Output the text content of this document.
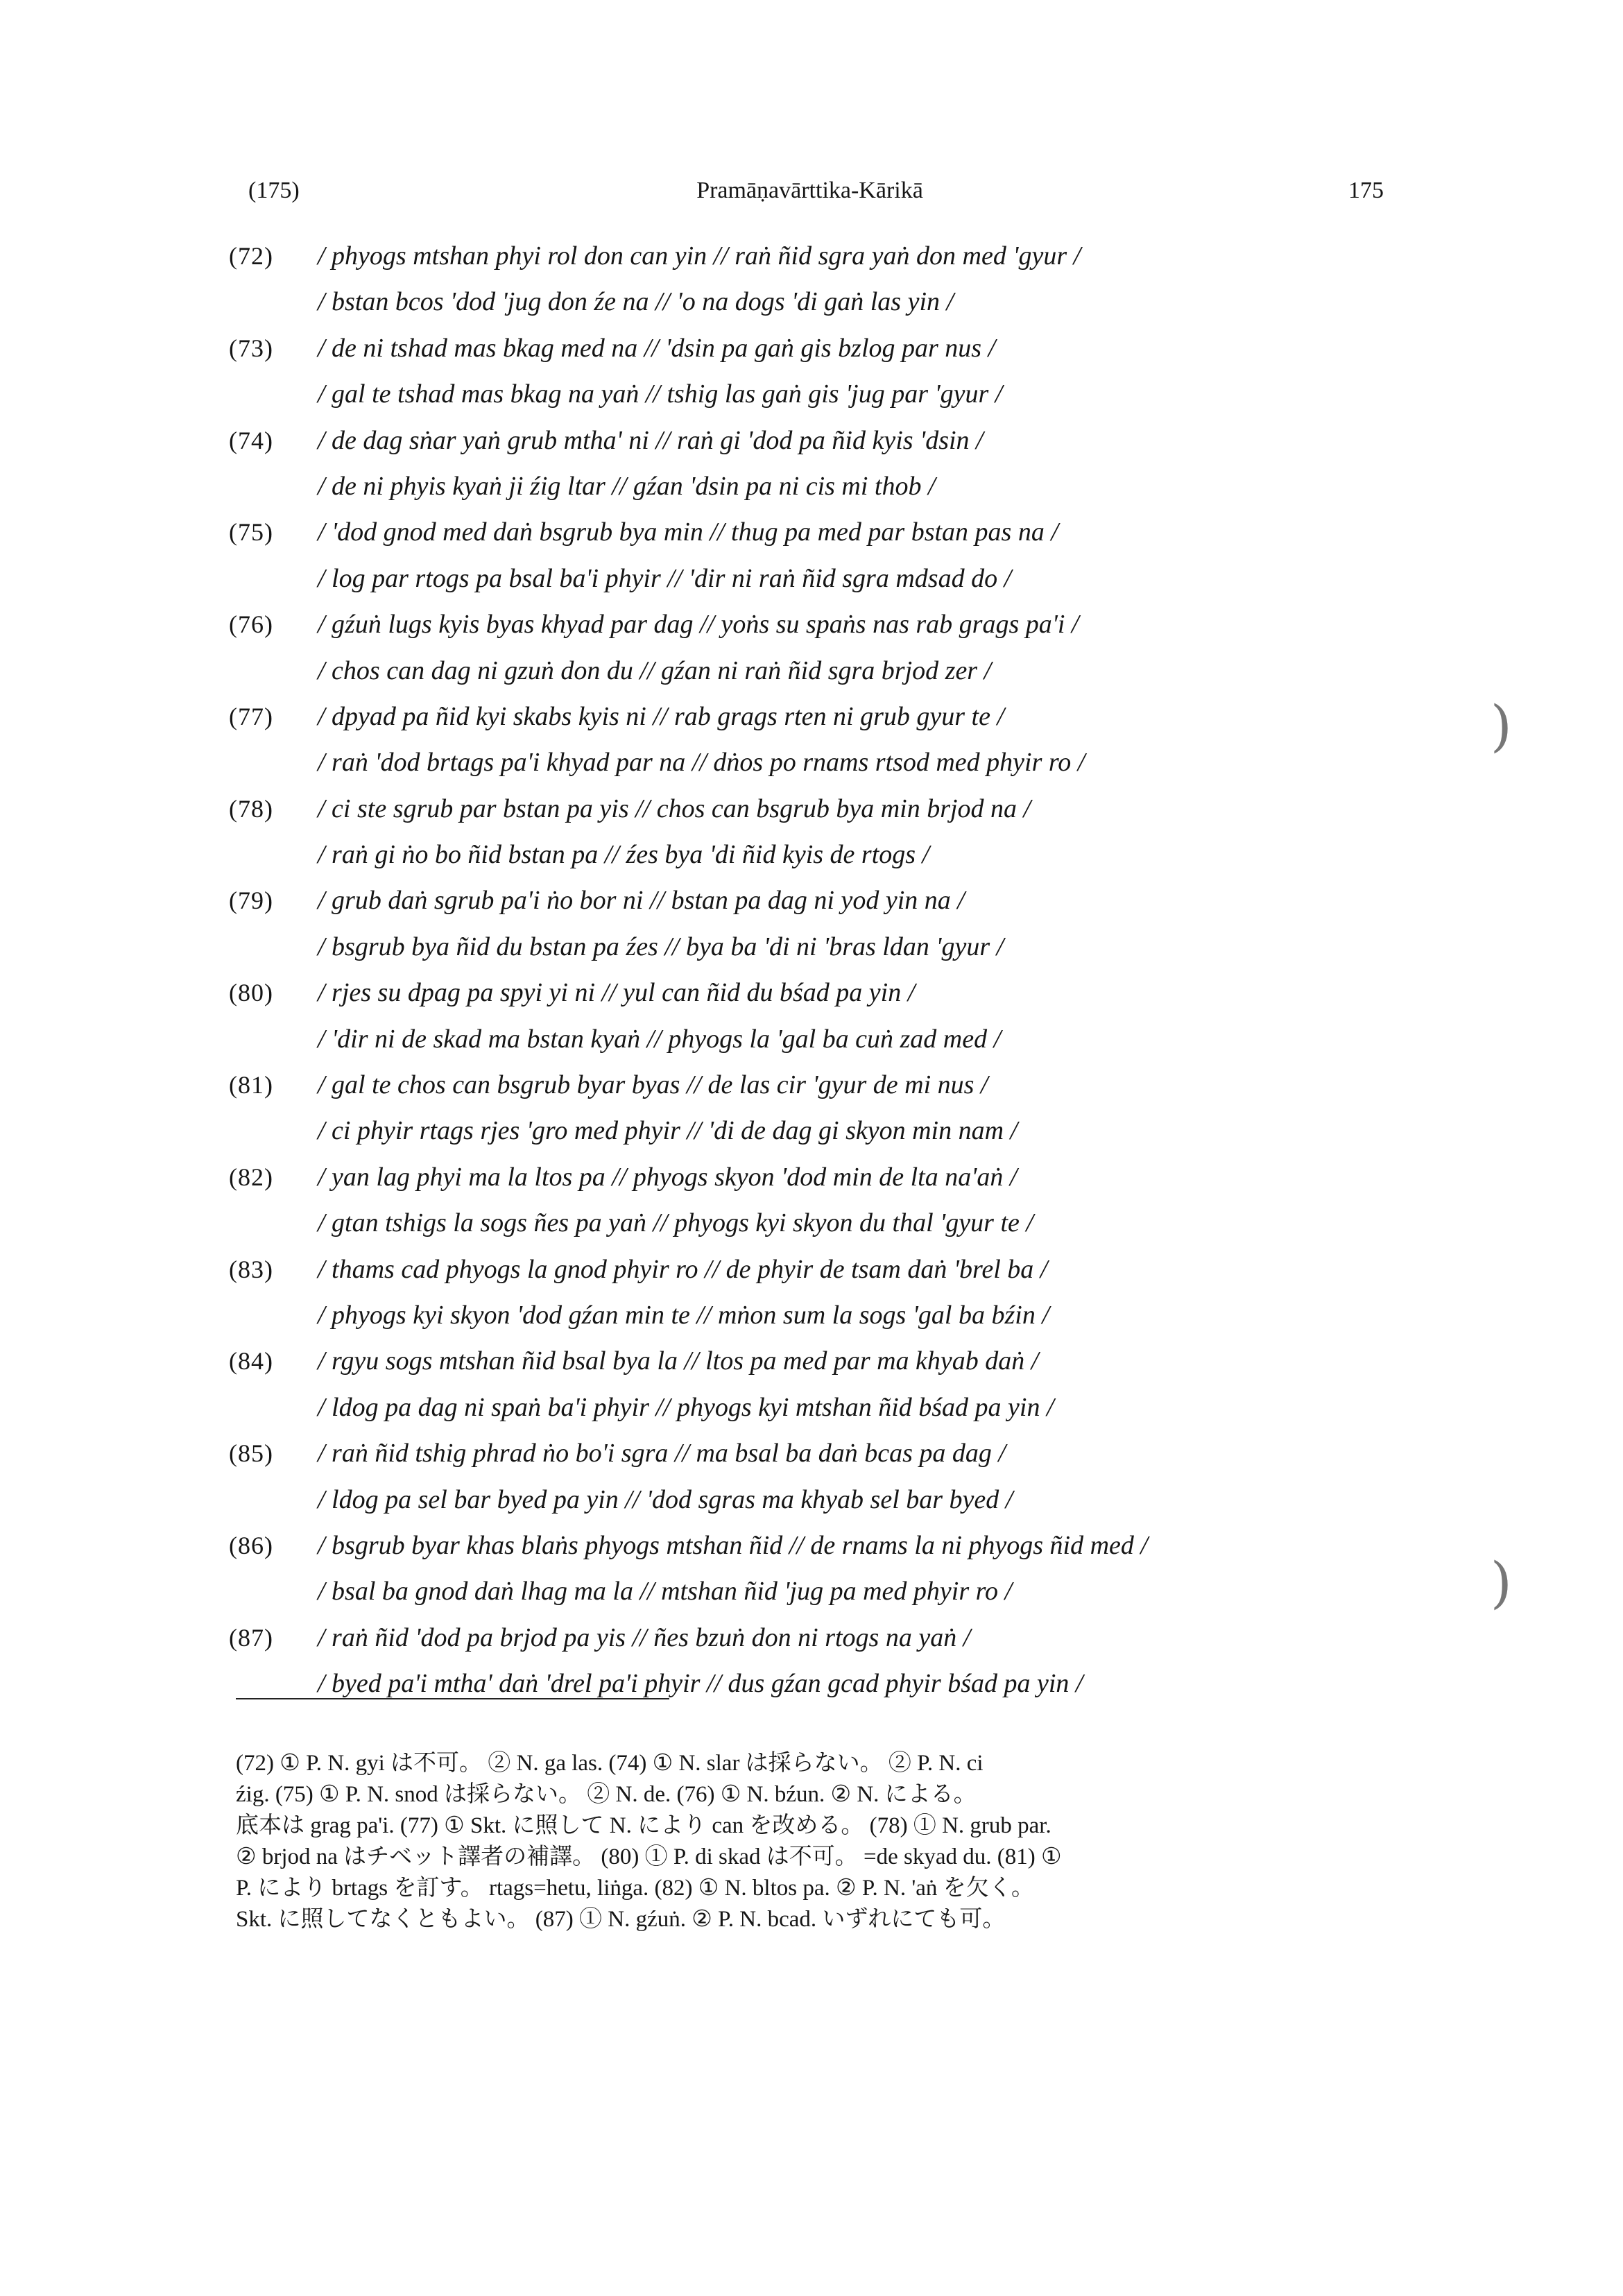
(175)	Pramāṇavārttika-Kārikā	175
(72) / phyogs mtshan phyi rol don can yin // raṅ ñid sgra yaṅ don med 'gyur /
/ bstan bcos 'dod 'jug don źe na // 'o na dogs 'di gaṅ las yin /
(73) / de ni tshad mas bkag med na // 'dsin pa gaṅ gis bzlog par nus /
/ gal te tshad mas bkag na yaṅ // tshig las gaṅ gis 'jug par 'gyur /
(74) / de dag sṅar yaṅ grub mtha' ni // raṅ gi 'dod pa ñid kyis 'dsin /
/ de ni phyis kyaṅ ji źig ltar // gźan 'dsin pa ni cis mi thob /
(75) / 'dod gnod med daṅ bsgrub bya min // thug pa med par bstan pas na /
/ log par rtogs pa bsal ba'i phyir // 'dir ni raṅ ñid sgra mdsad do /
(76) / gźuṅ lugs kyis byas khyad par dag // yoṅs su spaṅs nas rab grags pa'i /
/ chos can dag ni gzuṅ don du // gźan ni raṅ ñid sgra brjod zer /
(77) / dpyad pa ñid kyi skabs kyis ni // rab grags rten ni grub gyur te /
/ raṅ 'dod brtags pa'i khyad par na // dṅos po rnams rtsod med phyir ro /
(78) / ci ste sgrub par bstan pa yis // chos can bsgrub bya min brjod na /
/ raṅ gi ṅo bo ñid bstan pa // źes bya 'di ñid kyis de rtogs /
(79) / grub daṅ sgrub pa'i ṅo bor ni // bstan pa dag ni yod yin na /
/ bsgrub bya ñid du bstan pa źes // bya ba 'di ni 'bras ldan 'gyur /
(80) / rjes su dpag pa spyi yi ni // yul can ñid du bśad pa yin /
/ 'dir ni de skad ma bstan kyaṅ // phyogs la 'gal ba cuṅ zad med /
(81) / gal te chos can bsgrub byar byas // de las cir 'gyur de mi nus /
/ ci phyir rtags rjes 'gro med phyir // 'di de dag gi skyon min nam /
(82) / yan lag phyi ma la ltos pa // phyogs skyon 'dod min de lta na'aṅ /
/ gtan tshigs la sogs ñes pa yaṅ // phyogs kyi skyon du thal 'gyur te /
(83) / thams cad phyogs la gnod phyir ro // de phyir de tsam daṅ 'brel ba /
/ phyogs kyi skyon 'dod gźan min te // mṅon sum la sogs 'gal ba bźin /
(84) / rgyu sogs mtshan ñid bsal bya la // ltos pa med par ma khyab daṅ /
/ ldog pa dag ni spaṅ ba'i phyir // phyogs kyi mtshan ñid bśad pa yin /
(85) / raṅ ñid tshig phrad ṅo bo'i sgra // ma bsal ba daṅ bcas pa dag /
/ ldog pa sel bar byed pa yin // 'dod sgras ma khyab sel bar byed /
(86) / bsgrub byar khas blaṅs phyogs mtshan ñid // de rnams la ni phyogs ñid med /
/ bsal ba gnod daṅ lhag ma la // mtshan ñid 'jug pa med phyir ro /
(87) / raṅ ñid 'dod pa brjod pa yis // ñes bzuṅ don ni rtogs na yaṅ /
/ byed pa'i mtha' daṅ 'drel pa'i phyir // dus gźan gcad phyir bśad pa yin /
(72) ① P. N. gyi は不可。 ② N. ga las. (74) ① N. slar は採らない。 ② P. N. ci
źig. (75) ① P. N. snod は採らない。 ② N. de. (76) ① N. bźun. ② N. による。
底本は grag pa'i. (77) ① Skt. に照して N. により can を改める。 (78) ① N. grub par.
② brjod na はチベット譯者の補譯。 (80) ① P. di skad は不可。 =de skyad du. (81) ①
P. により brtags を訂す。 rtags=hetu, liṅga. (82) ① N. bltos pa. ② P. N. 'aṅ を欠く。
Skt. に照してなくともよい。 (87) ① N. gźuṅ. ② P. N. bcad. いずれにても可。
)
)
